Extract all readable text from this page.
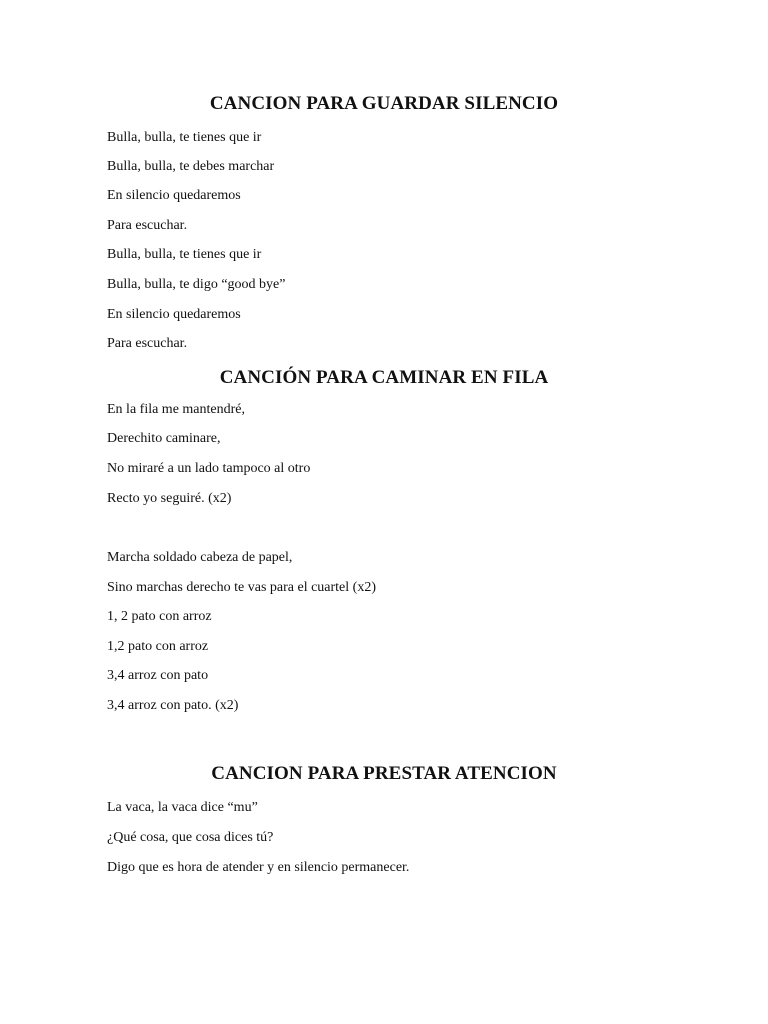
CANCION PARA GUARDAR SILENCIO

Bulla, bulla, te tienes que ir

Bulla, bulla, te debes marchar

En silencio quedaremos

Para escuchar.

Bulla, bulla, te tienes que ir

Bulla, bulla, te digo “good bye”

En silencio quedaremos

Para escuchar.

CANCIÓN PARA CAMINAR EN FILA

En la fila me mantendré,

Derechito caminare,

No miraré a un lado tampoco al otro

Recto yo seguiré. (x2)

Marcha soldado cabeza de papel,

Sino marchas derecho te vas para el cuartel (x2)

1, 2 pato con arroz

1,2 pato con arroz

3,4 arroz con pato

3,4 arroz con pato. (x2)

CANCION PARA PRESTAR ATENCION

La vaca, la vaca dice “mu”

¿Qué cosa, que cosa dices tú?

Digo que es hora de atender y en silencio permanecer.
